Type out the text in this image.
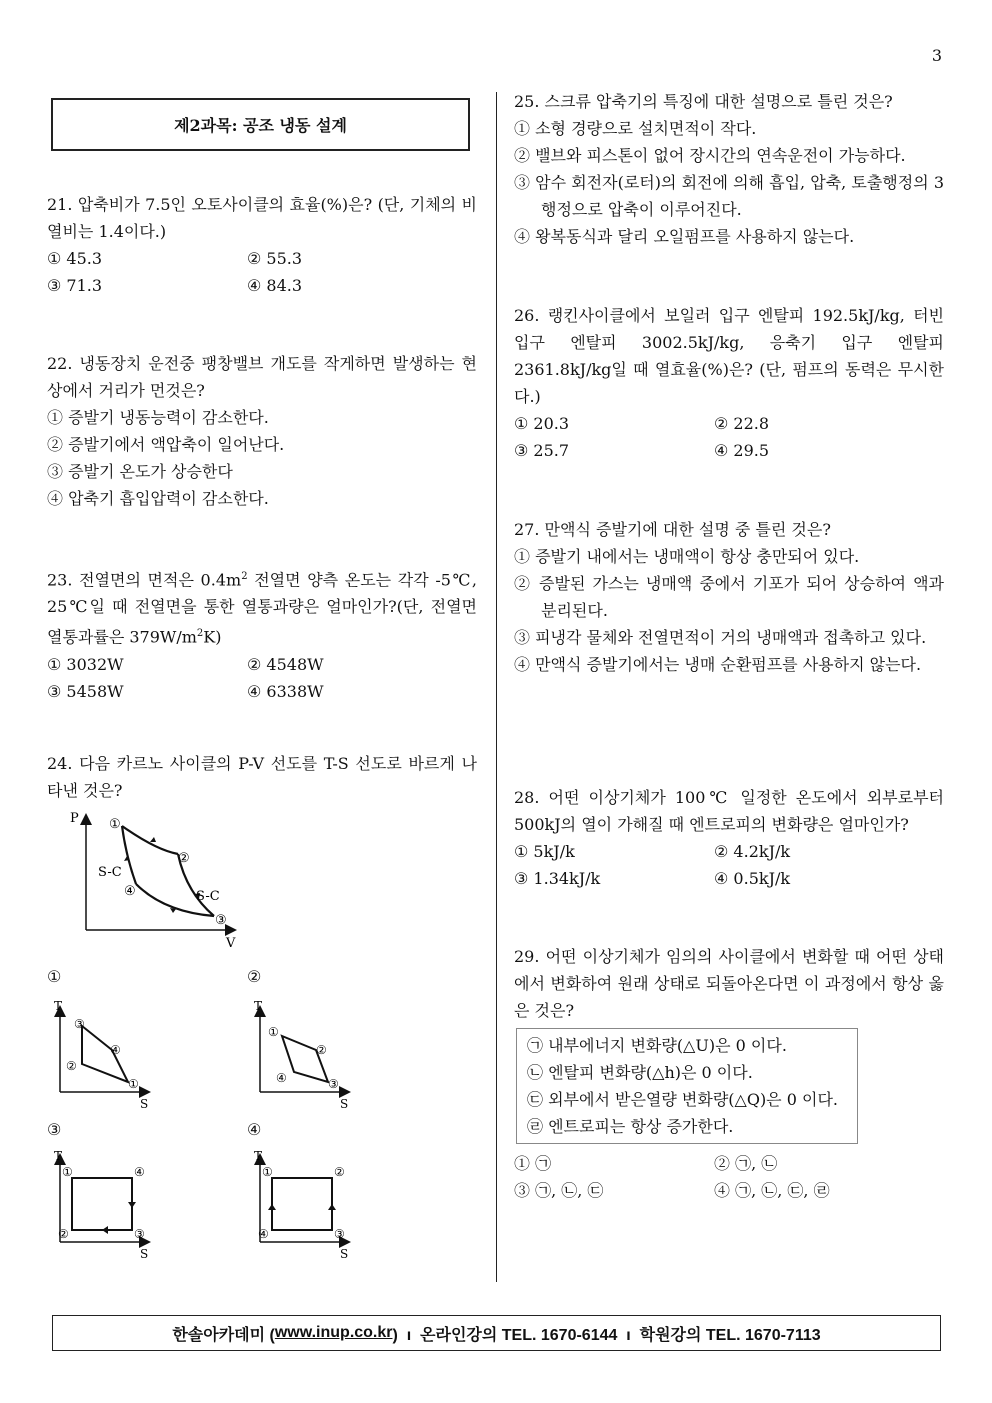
3
제2과목: 공조 냉동 설계

21. 압축비가 7.5인 오토사이클의 효율(%)은? (단, 기체의 비열비는 1.4이다.)

① 45.3	② 55.3
③ 71.3	④ 84.3

22. 냉동장치 운전중 팽창밸브 개도를 작게하면 발생하는 현상에서 거리가 먼것은?

① 증발기 냉동능력이 감소한다.
② 증발기에서 액압축이 일어난다.
③ 증발기 온도가 상승한다
④ 압축기 흡입압력이 감소한다.

23. 전열면의 면적은 $0.4m^2$ 전열면 양측 온도는 각각 -5℃, 25℃일 때 전열면을 통한 열통과량은 얼마인가?(단, 전열면 열통과률은 $379W/m^2K$)

① 3032W	② 4548W
③ 5458W	④ 6338W

24. 다음 카르노 사이클의 P-V 선도를 T-S 선도로 바르게 나타낸 것은?

P
V
S-C
S-C
①
②
③
④
①	②
③	④
T
S
③
④
①
②
T
S
①
②
③
④
T
S
①	④
③
②
T
S
①	②
③
④

25. 스크류 압축기의 특징에 대한 설명으로 틀린 것은?

① 소형 경량으로 설치면적이 작다.
② 밸브와 피스톤이 없어 장시간의 연속운전이 가능하다.
③ 암수 회전자(로터)의 회전에 의해 흡입, 압축, 토출행정의 3행정으로 압축이 이루어진다.
④ 왕복동식과 달리 오일펌프를 사용하지 않는다.

26. 랭킨사이클에서 보일러 입구 엔탈피 192.5kJ/kg, 터빈 입구 엔탈피 3002.5kJ/kg, 응축기 입구 엔탈피 2361.8kJ/kg일 때 열효율(%)은? (단, 펌프의 동력은 무시한다.)

① 20.3	② 22.8
③ 25.7	④ 29.5

27. 만액식 증발기에 대한 설명 중 틀린 것은?

① 증발기 내에서는 냉매액이 항상 충만되어 있다.
② 증발된 가스는 냉매액 중에서 기포가 되어 상승하여 액과 분리된다.
③ 피냉각 물체와 전열면적이 거의 냉매액과 접촉하고 있다.
④ 만액식 증발기에서는 냉매 순환펌프를 사용하지 않는다.

28. 어떤 이상기체가 100℃ 일정한 온도에서 외부로부터 500kJ의 열이 가해질 때 엔트로피의 변화량은 얼마인가?

① 5kJ/k	② 4.2kJ/k
③ 1.34kJ/k	④ 0.5kJ/k

29. 어떤 이상기체가 임의의 사이클에서 변화할 때 어떤 상태에서 변화하여 원래 상태로 되돌아온다면 이 과정에서 항상 옳은 것은?

㉠ 내부에너지 변화량(△U)은 0 이다.
㉡ 엔탈피 변화량(△h)은 0 이다.
㉢ 외부에서 받은열량 변화량(△Q)은 0 이다.
㉣ 엔트로피는 항상 증가한다.
① ㉠	② ㉠, ㉡
③ ㉠, ㉡, ㉢	④ ㉠, ㉡, ㉢, ㉣
한솔아카데미 ( www.inup.co.kr )  ı  온라인강의 TEL. 1670-6144  ı  학원강의 TEL. 1670-7113
